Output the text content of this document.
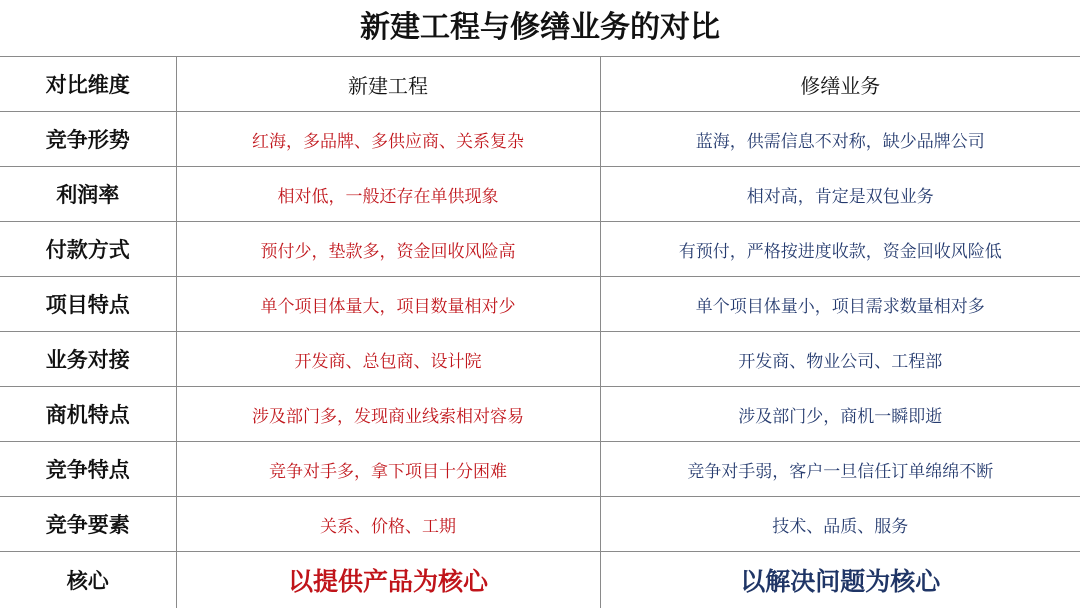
新建工程与修缮业务的对比
对比维度	新建工程	修缮业务
竞争形势	红海，多品牌、多供应商、关系复杂	蓝海，供需信息不对称，缺少品牌公司
利润率	相对低，一般还存在单供现象	相对高，肯定是双包业务
付款方式	预付少，垫款多，资金回收风险高	有预付，严格按进度收款，资金回收风险低
项目特点	单个项目体量大，项目数量相对少	单个项目体量小，项目需求数量相对多
业务对接	开发商、总包商、设计院	开发商、物业公司、工程部
商机特点	涉及部门多，发现商业线索相对容易	涉及部门少，商机一瞬即逝
竞争特点	竞争对手多，拿下项目十分困难	竞争对手弱，客户一旦信任订单绵绵不断
竞争要素	关系、价格、工期	技术、品质、服务
核心	以提供产品为核心	以解决问题为核心
